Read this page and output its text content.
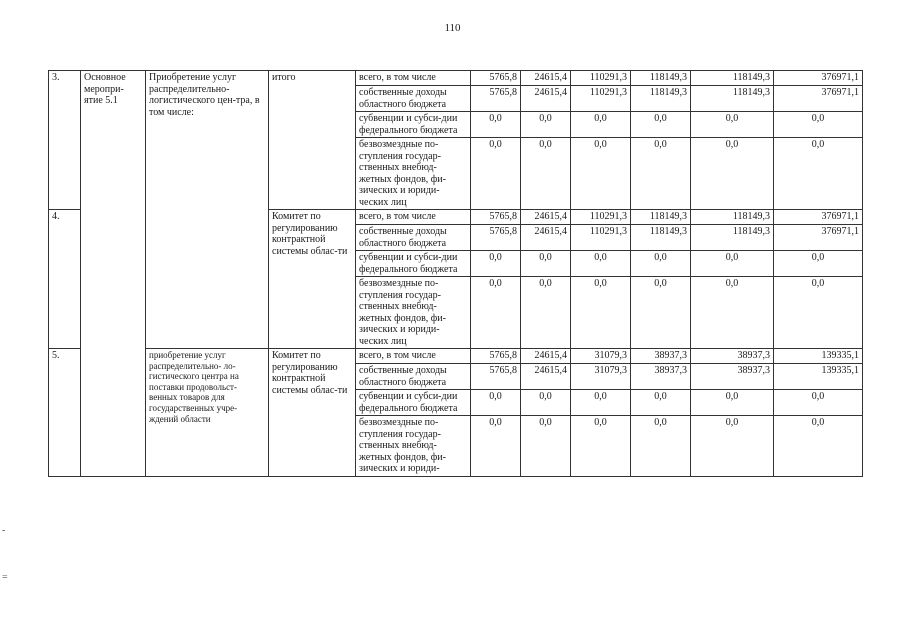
110
-
=
3.	Основное меропри-ятие 5.1	Приобретение услуг распределительно-логистического цен-тра, в том числе:	итого	всего, в том числе	5765,8	24615,4	110291,3	118149,3	118149,3	376971,1
				собственные доходы областного бюджета	5765,8	24615,4	110291,3	118149,3	118149,3	376971,1
				субвенции и субси-дии федерального бюджета	0,0	0,0	0,0	0,0	0,0	0,0
				безвозмездные по-ступления государ-ственных внебюд-жетных фондов, фи-зических и юриди-ческих лиц	0,0	0,0	0,0	0,0	0,0	0,0
4.			Комитет по регулированию контрактной системы облас-ти	всего, в том числе	5765,8	24615,4	110291,3	118149,3	118149,3	376971,1
				собственные доходы областного бюджета	5765,8	24615,4	110291,3	118149,3	118149,3	376971,1
				субвенции и субси-дии федерального бюджета	0,0	0,0	0,0	0,0	0,0	0,0
				безвозмездные по-ступления государ-ственных внебюд-жетных фондов, фи-зических и юриди-ческих лиц	0,0	0,0	0,0	0,0	0,0	0,0
5.		приобретение услуг распределительно- ло-гистического центра на поставки продовольст-венных товаров для государственных учре-ждений области	Комитет по регулированию контрактной системы облас-ти	всего, в том числе	5765,8	24615,4	31079,3	38937,3	38937,3	139335,1
				собственные доходы областного бюджета	5765,8	24615,4	31079,3	38937,3	38937,3	139335,1
				субвенции и субси-дии федерального бюджета	0,0	0,0	0,0	0,0	0,0	0,0
				безвозмездные по-ступления государ-ственных внебюд-жетных фондов, фи-зических и юриди-	0,0	0,0	0,0	0,0	0,0	0,0
